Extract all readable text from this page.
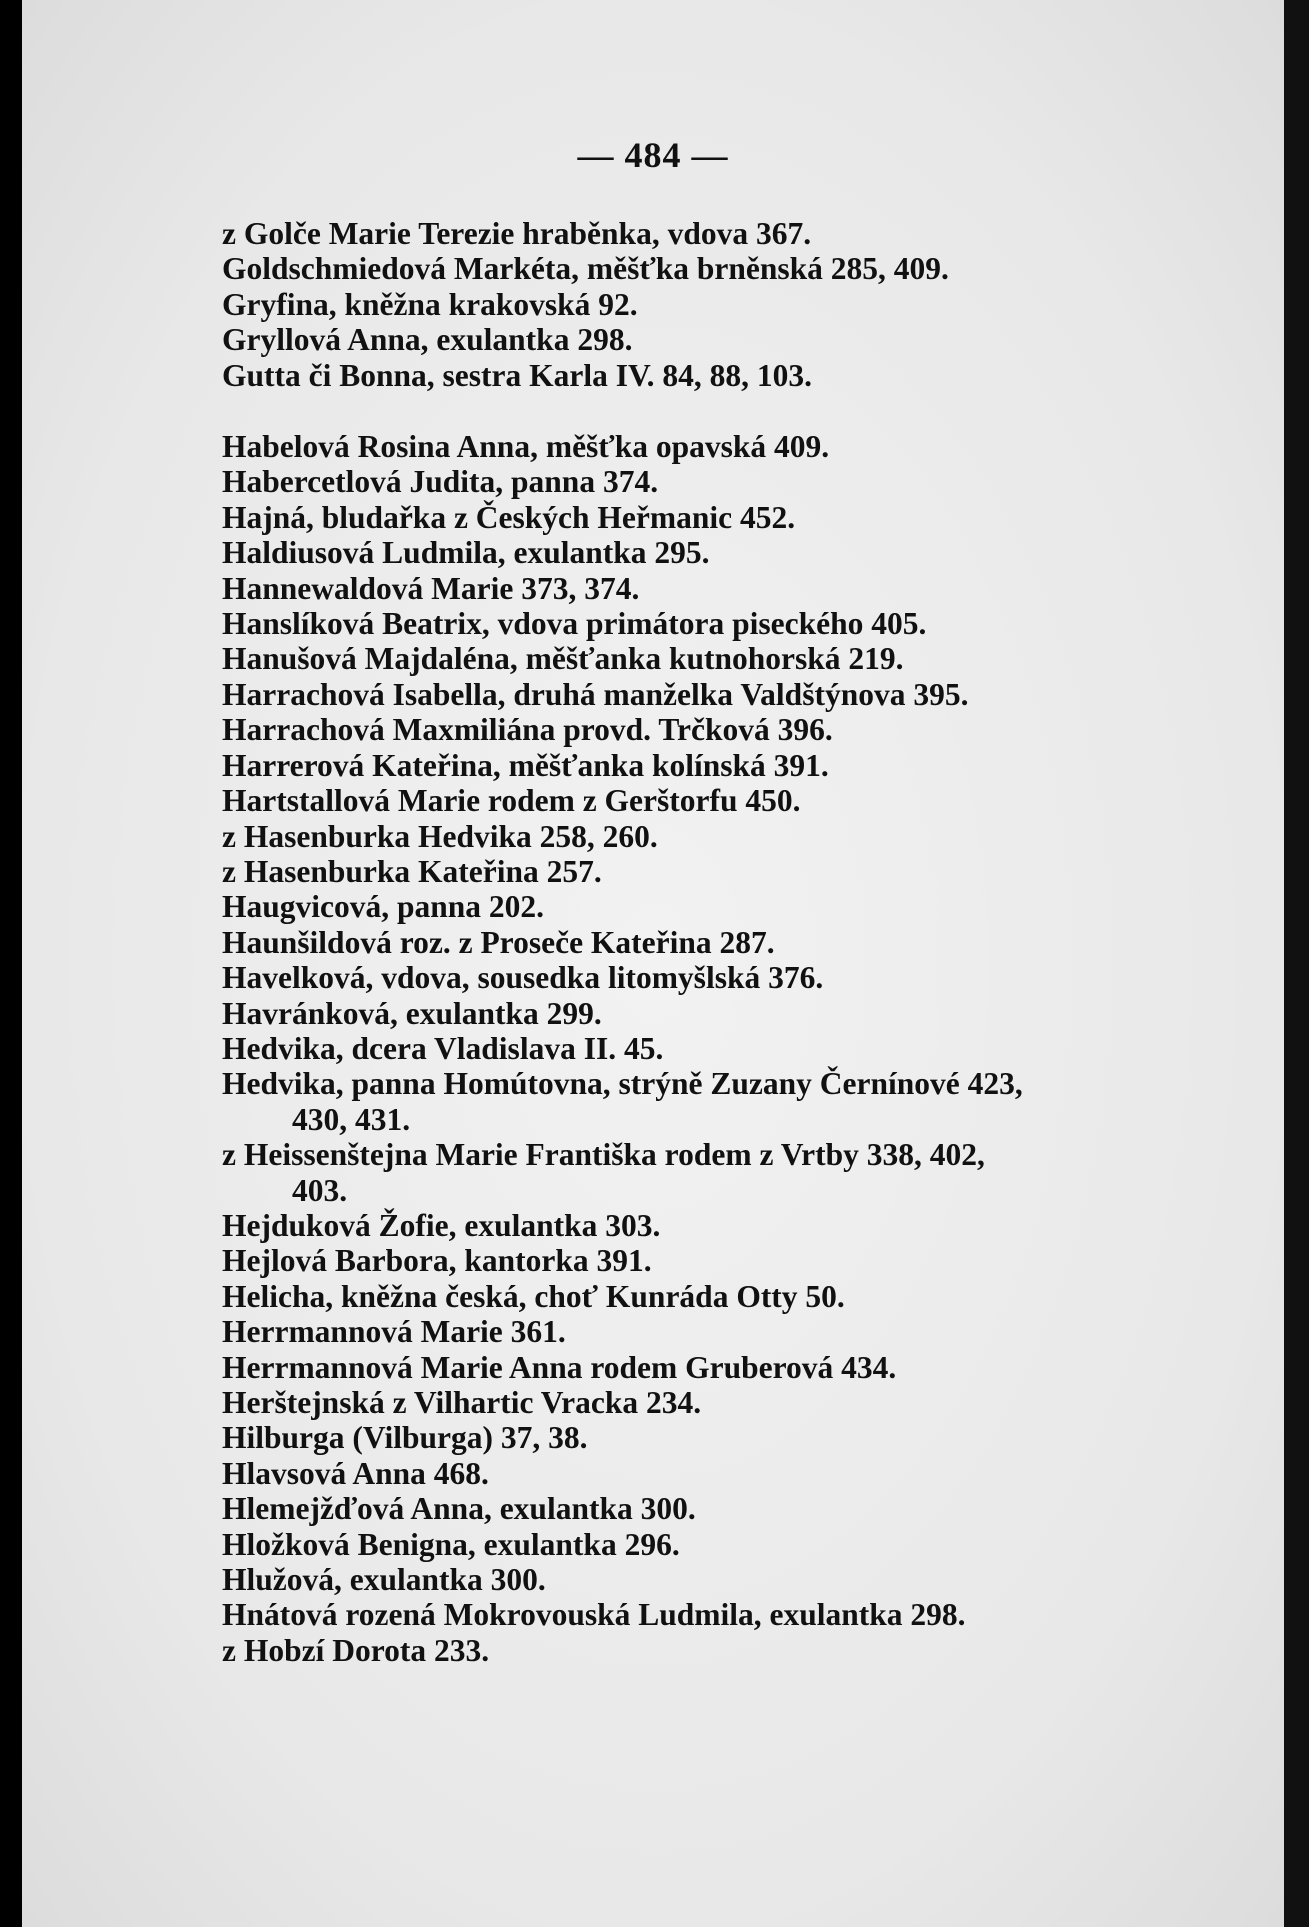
— 484 —
z Golče Marie Terezie hraběnka, vdova 367.
Goldschmiedová Markéta, měšťka brněnská 285, 409.
Gryfina, kněžna krakovská 92.
Gryllová Anna, exulantka 298.
Gutta či Bonna, sestra Karla IV. 84, 88, 103.
Habelová Rosina Anna, měšťka opavská 409.
Habercetlová Judita, panna 374.
Hajná, bludařka z Českých Heřmanic 452.
Haldiusová Ludmila, exulantka 295.
Hannewaldová Marie 373, 374.
Hanslíková Beatrix, vdova primátora piseckého 405.
Hanušová Majdaléna, měšťanka kutnohorská 219.
Harrachová Isabella, druhá manželka Valdštýnova 395.
Harrachová Maxmiliána provd. Trčková 396.
Harrerová Kateřina, měšťanka kolínská 391.
Hartstallová Marie rodem z Gerštorfu 450.
z Hasenburka Hedvika 258, 260.
z Hasenburka Kateřina 257.
Haugvicová, panna 202.
Haunšildová roz. z Proseče Kateřina 287.
Havelková, vdova, sousedka litomyšlská 376.
Havránková, exulantka 299.
Hedvika, dcera Vladislava II. 45.
Hedvika, panna Homútovna, strýně Zuzany Černínové 423,
430, 431.
z Heissenštejna Marie Františka rodem z Vrtby 338, 402,
403.
Hejduková Žofie, exulantka 303.
Hejlová Barbora, kantorka 391.
Helicha, kněžna česká, choť Kunráda Otty 50.
Herrmannová Marie 361.
Herrmannová Marie Anna rodem Gruberová 434.
Herštejnská z Vilhartic Vracka 234.
Hilburga (Vilburga) 37, 38.
Hlavsová Anna 468.
Hlemejžďová Anna, exulantka 300.
Hložková Benigna, exulantka 296.
Hlužová, exulantka 300.
Hnátová rozená Mokrovouská Ludmila, exulantka 298.
z Hobzí Dorota 233.
